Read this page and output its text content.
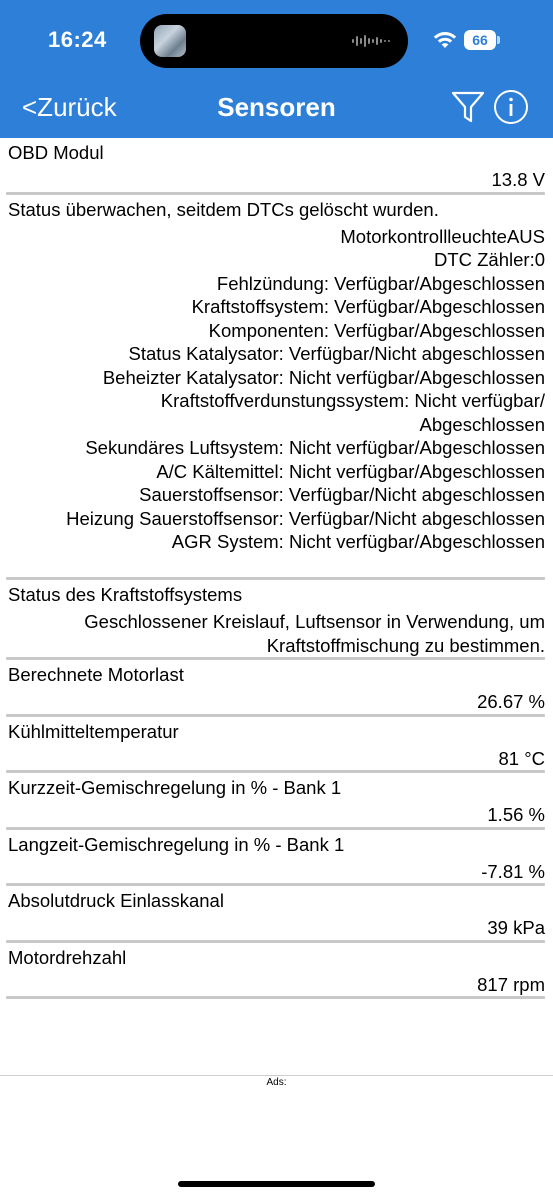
16:24	66
<Zurück	Sensoren
OBD Modul
13.8 V
Status überwachen, seitdem DTCs gelöscht wurden.
MotorkontrollleuchteAUS
DTC Zähler:0
Fehlzündung: Verfügbar/Abgeschlossen
Kraftstoffsystem: Verfügbar/Abgeschlossen
Komponenten: Verfügbar/Abgeschlossen
Status Katalysator: Verfügbar/Nicht abgeschlossen
Beheizter Katalysator: Nicht verfügbar/Abgeschlossen
Kraftstoffverdunstungssystem: Nicht verfügbar/
Abgeschlossen
Sekundäres Luftsystem: Nicht verfügbar/Abgeschlossen
A/C Kältemittel: Nicht verfügbar/Abgeschlossen
Sauerstoffsensor: Verfügbar/Nicht abgeschlossen
Heizung Sauerstoffsensor: Verfügbar/Nicht abgeschlossen
AGR System: Nicht verfügbar/Abgeschlossen
Status des Kraftstoffsystems
Geschlossener Kreislauf, Luftsensor in Verwendung, um
Kraftstoffmischung zu bestimmen.
Berechnete Motorlast
26.67 %
Kühlmitteltemperatur
81 °C
Kurzzeit-Gemischregelung in % - Bank 1
1.56 %
Langzeit-Gemischregelung in % - Bank 1
-7.81 %
Absolutdruck Einlasskanal
39 kPa
Motordrehzahl
817 rpm
Ads:
